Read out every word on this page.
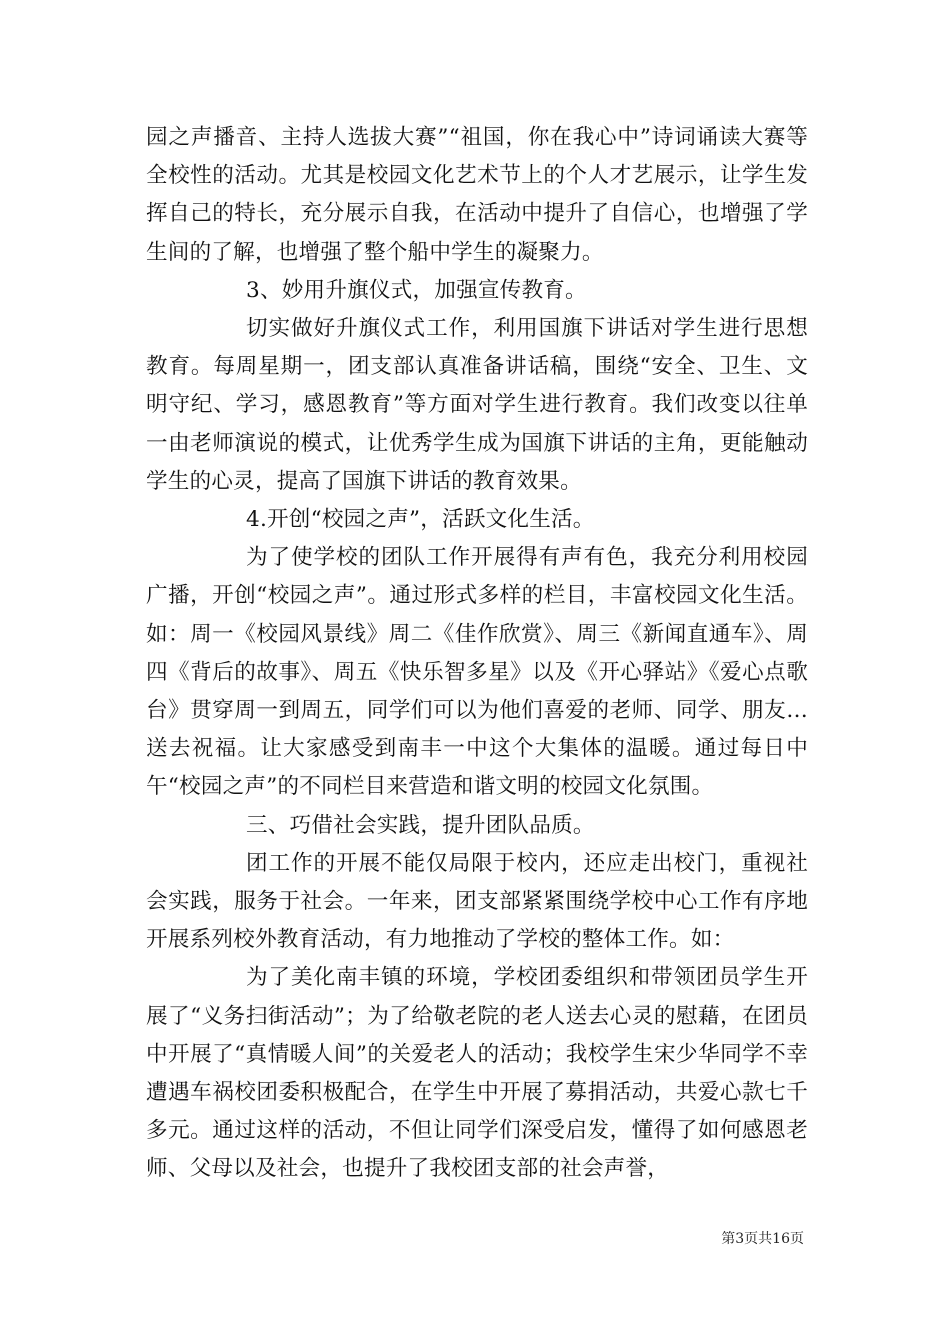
园之声播音、主持人选拔大赛”“祖国，你在我心中”诗词诵读大赛等全校性的活动。尤其是校园文化艺术节上的个人才艺展示，让学生发挥自己的特长，充分展示自我，在活动中提升了自信心，也增强了学生间的了解，也增强了整个船中学生的凝聚力。

3、妙用升旗仪式，加强宣传教育。

切实做好升旗仪式工作，利用国旗下讲话对学生进行思想教育。每周星期一，团支部认真准备讲话稿，围绕“安全、卫生、文明守纪、学习，感恩教育”等方面对学生进行教育。我们改变以往单一由老师演说的模式，让优秀学生成为国旗下讲话的主角，更能触动学生的心灵，提高了国旗下讲话的教育效果。

4.开创“校园之声”，活跃文化生活。

为了使学校的团队工作开展得有声有色，我充分利用校园广播，开创“校园之声”。通过形式多样的栏目，丰富校园文化生活。如：周一《校园风景线》周二《佳作欣赏》、周三《新闻直通车》、周四《背后的故事》、周五《快乐智多星》以及《开心驿站》《爱心点歌台》贯穿周一到周五，同学们可以为他们喜爱的老师、同学、朋友…送去祝福。让大家感受到南丰一中这个大集体的温暖。通过每日中午“校园之声”的不同栏目来营造和谐文明的校园文化氛围。

三、巧借社会实践，提升团队品质。

团工作的开展不能仅局限于校内，还应走出校门，重视社会实践，服务于社会。一年来，团支部紧紧围绕学校中心工作有序地开展系列校外教育活动，有力地推动了学校的整体工作。如：

为了美化南丰镇的环境，学校团委组织和带领团员学生开展了“义务扫街活动”；为了给敬老院的老人送去心灵的慰藉，在团员中开展了“真情暖人间”的关爱老人的活动；我校学生宋少华同学不幸遭遇车祸校团委积极配合，在学生中开展了募捐活动，共爱心款七千多元。通过这样的活动，不但让同学们深受启发，懂得了如何感恩老师、父母以及社会，也提升了我校团支部的社会声誉，

第3页共16页
